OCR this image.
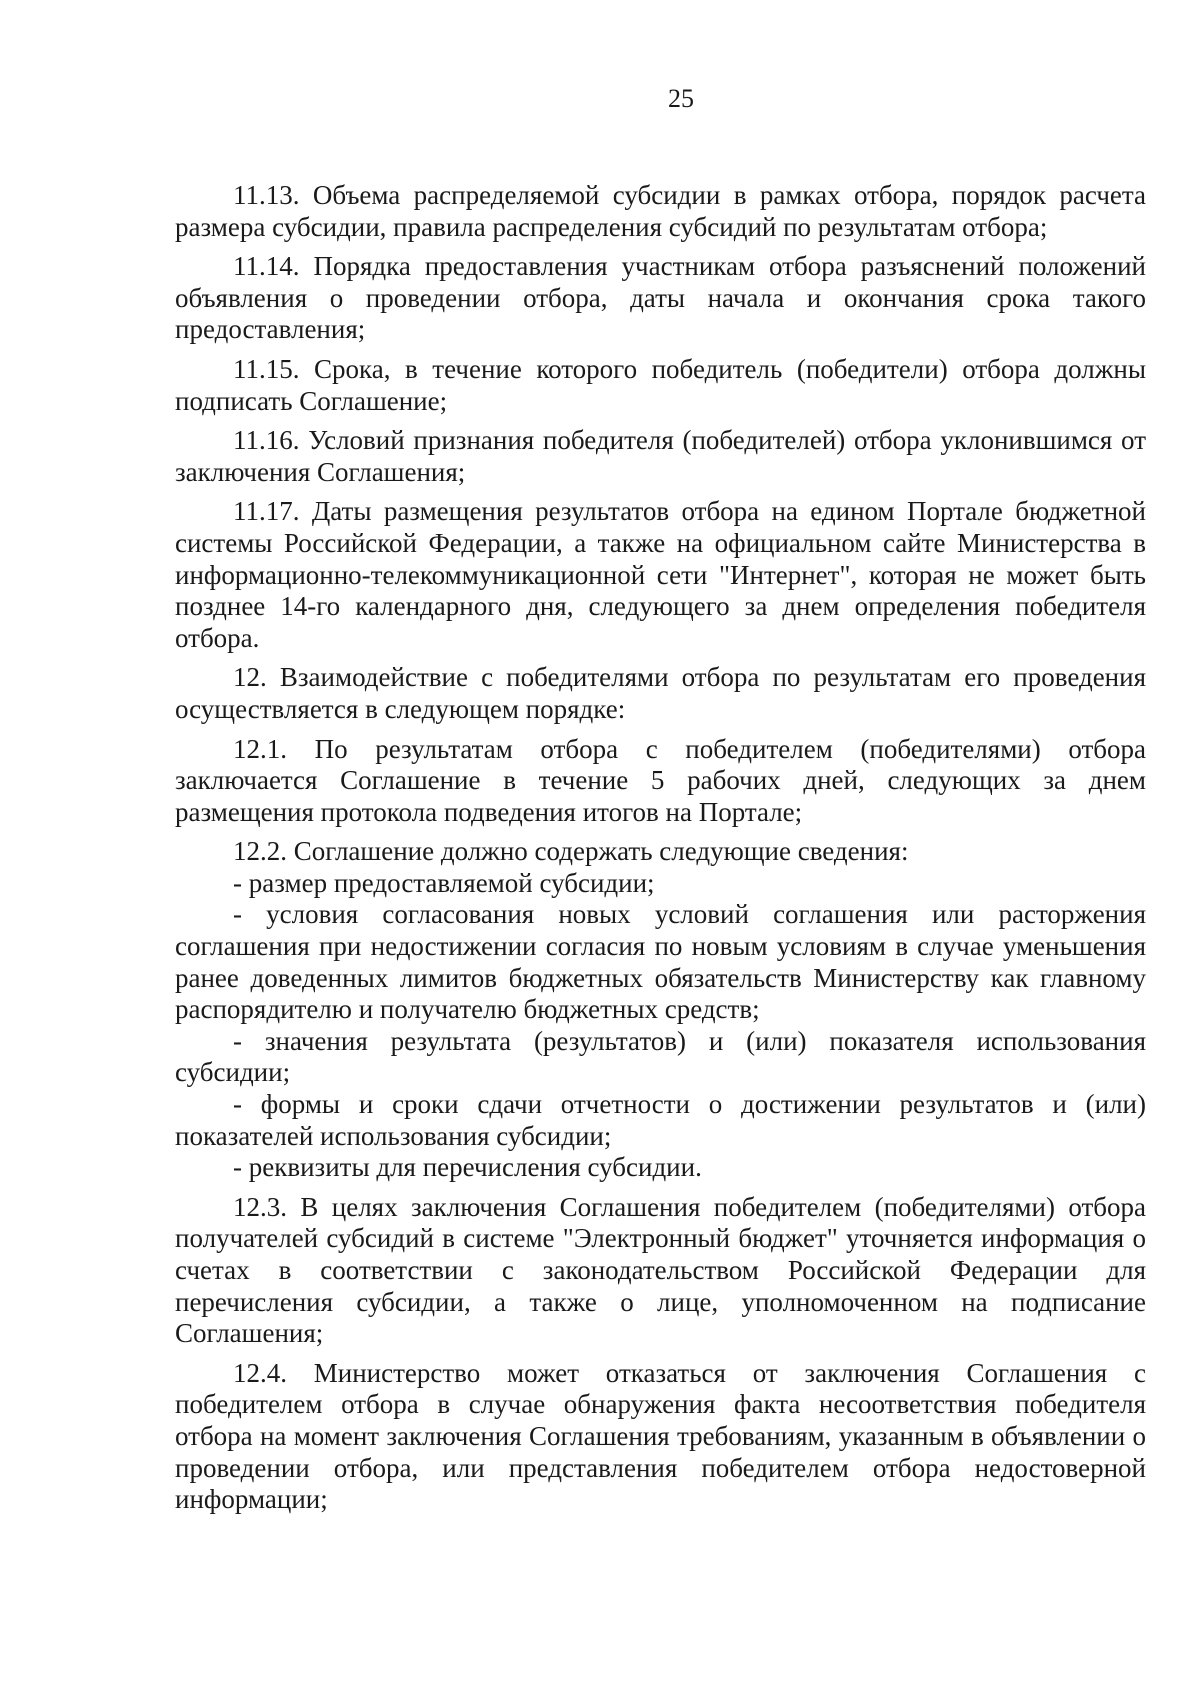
25

11.13. Объема распределяемой субсидии в рамках отбора, порядок расчета размера субсидии, правила распределения субсидий по результатам отбора;

11.14. Порядка предоставления участникам отбора разъяснений положений объявления о проведении отбора, даты начала и окончания срока такого предоставления;

11.15. Срока, в течение которого победитель (победители) отбора должны подписать Соглашение;

11.16. Условий признания победителя (победителей) отбора уклонившимся от заключения Соглашения;

11.17. Даты размещения результатов отбора на едином Портале бюджетной системы Российской Федерации, а также на официальном сайте Министерства в информационно-телекоммуникационной сети "Интернет", которая не может быть позднее 14-го календарного дня, следующего за днем определения победителя отбора.

12. Взаимодействие с победителями отбора по результатам его проведения осуществляется в следующем порядке:

12.1. По результатам отбора с победителем (победителями) отбора заключается Соглашение в течение 5 рабочих дней, следующих за днем размещения протокола подведения итогов на Портале;

12.2. Соглашение должно содержать следующие сведения:

- размер предоставляемой субсидии;

- условия согласования новых условий соглашения или расторжения соглашения при недостижении согласия по новым условиям в случае уменьшения ранее доведенных лимитов бюджетных обязательств Министерству как главному распорядителю и получателю бюджетных средств;

- значения результата (результатов) и (или) показателя использования субсидии;

- формы и сроки сдачи отчетности о достижении результатов и (или) показателей использования субсидии;

- реквизиты для перечисления субсидии.

12.3. В целях заключения Соглашения победителем (победителями) отбора получателей субсидий в системе "Электронный бюджет" уточняется информация о счетах в соответствии с законодательством Российской Федерации для перечисления субсидии, а также о лице, уполномоченном на подписание Соглашения;

12.4. Министерство может отказаться от заключения Соглашения с победителем отбора в случае обнаружения факта несоответствия победителя отбора на момент заключения Соглашения требованиям, указанным в объявлении о проведении отбора, или представления победителем отбора недостоверной информации;
